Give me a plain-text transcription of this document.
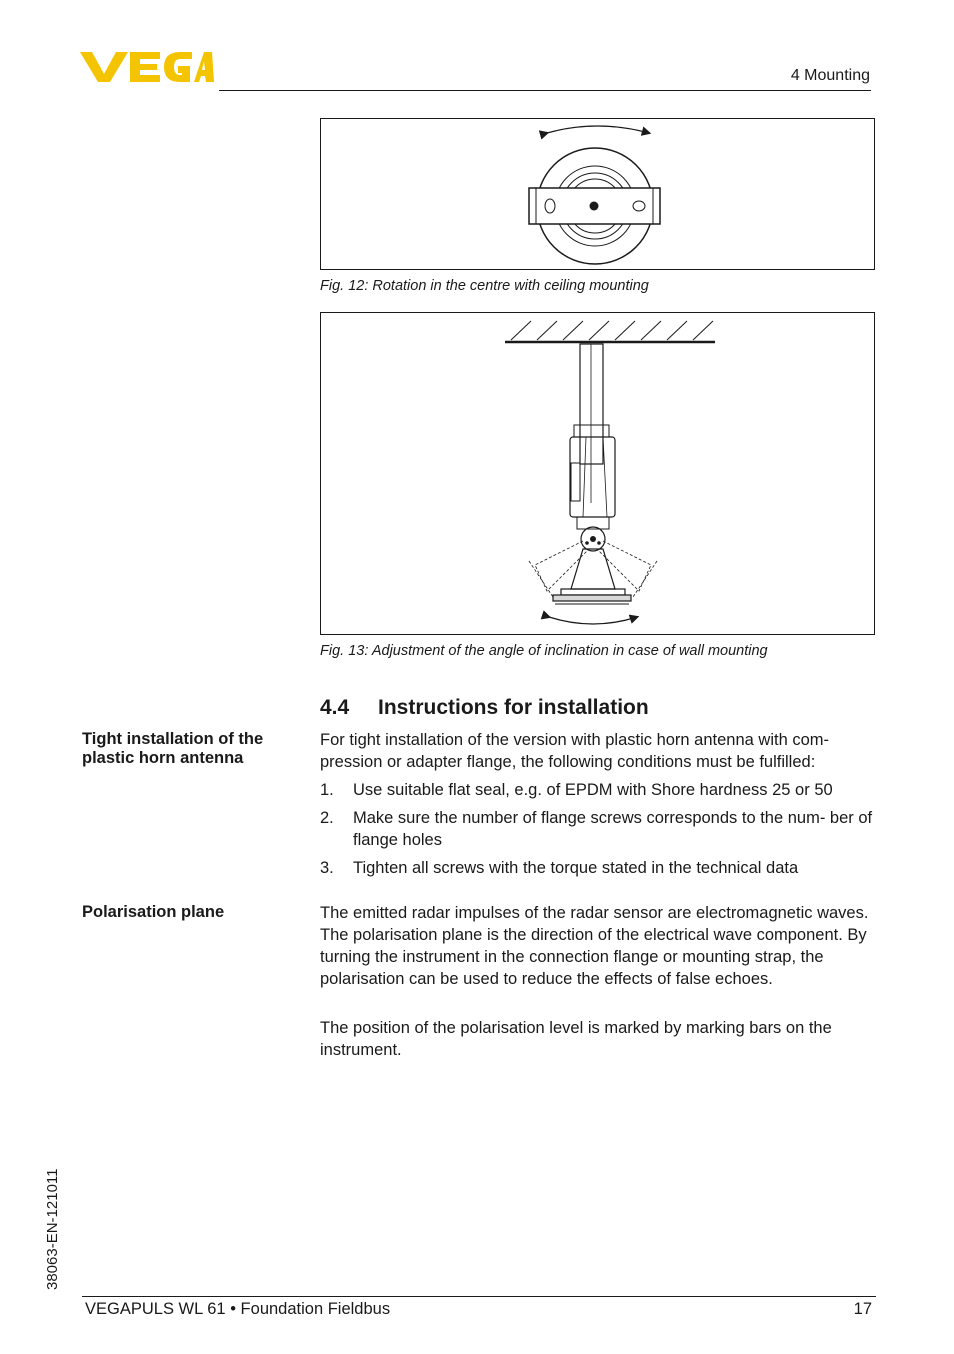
4 Mounting
Fig. 12: Rotation in the centre with ceiling mounting
Fig. 13: Adjustment of the angle of inclination in case of wall mounting
4.4 Instructions for installation
Tight installation of the plastic horn antenna
For tight installation of the version with plastic horn antenna with com- pression or adapter flange, the following conditions must be fulfilled:
1. Use suitable flat seal, e.g. of EPDM with Shore hardness 25 or 50
2. Make sure the number of flange screws corresponds to the num- ber of flange holes
3. Tighten all screws with the torque stated in the technical data
Polarisation plane	The emitted radar impulses of the radar sensor are electromagnetic waves. The polarisation plane is the direction of the electrical wave component. By turning the instrument in the connection flange or mounting strap, the polarisation can be used to reduce the effects of false echoes.
The position of the polarisation level is marked by marking bars on the instrument.
38063-EN-121011
VEGAPULS WL 61 • Foundation Fieldbus	17
